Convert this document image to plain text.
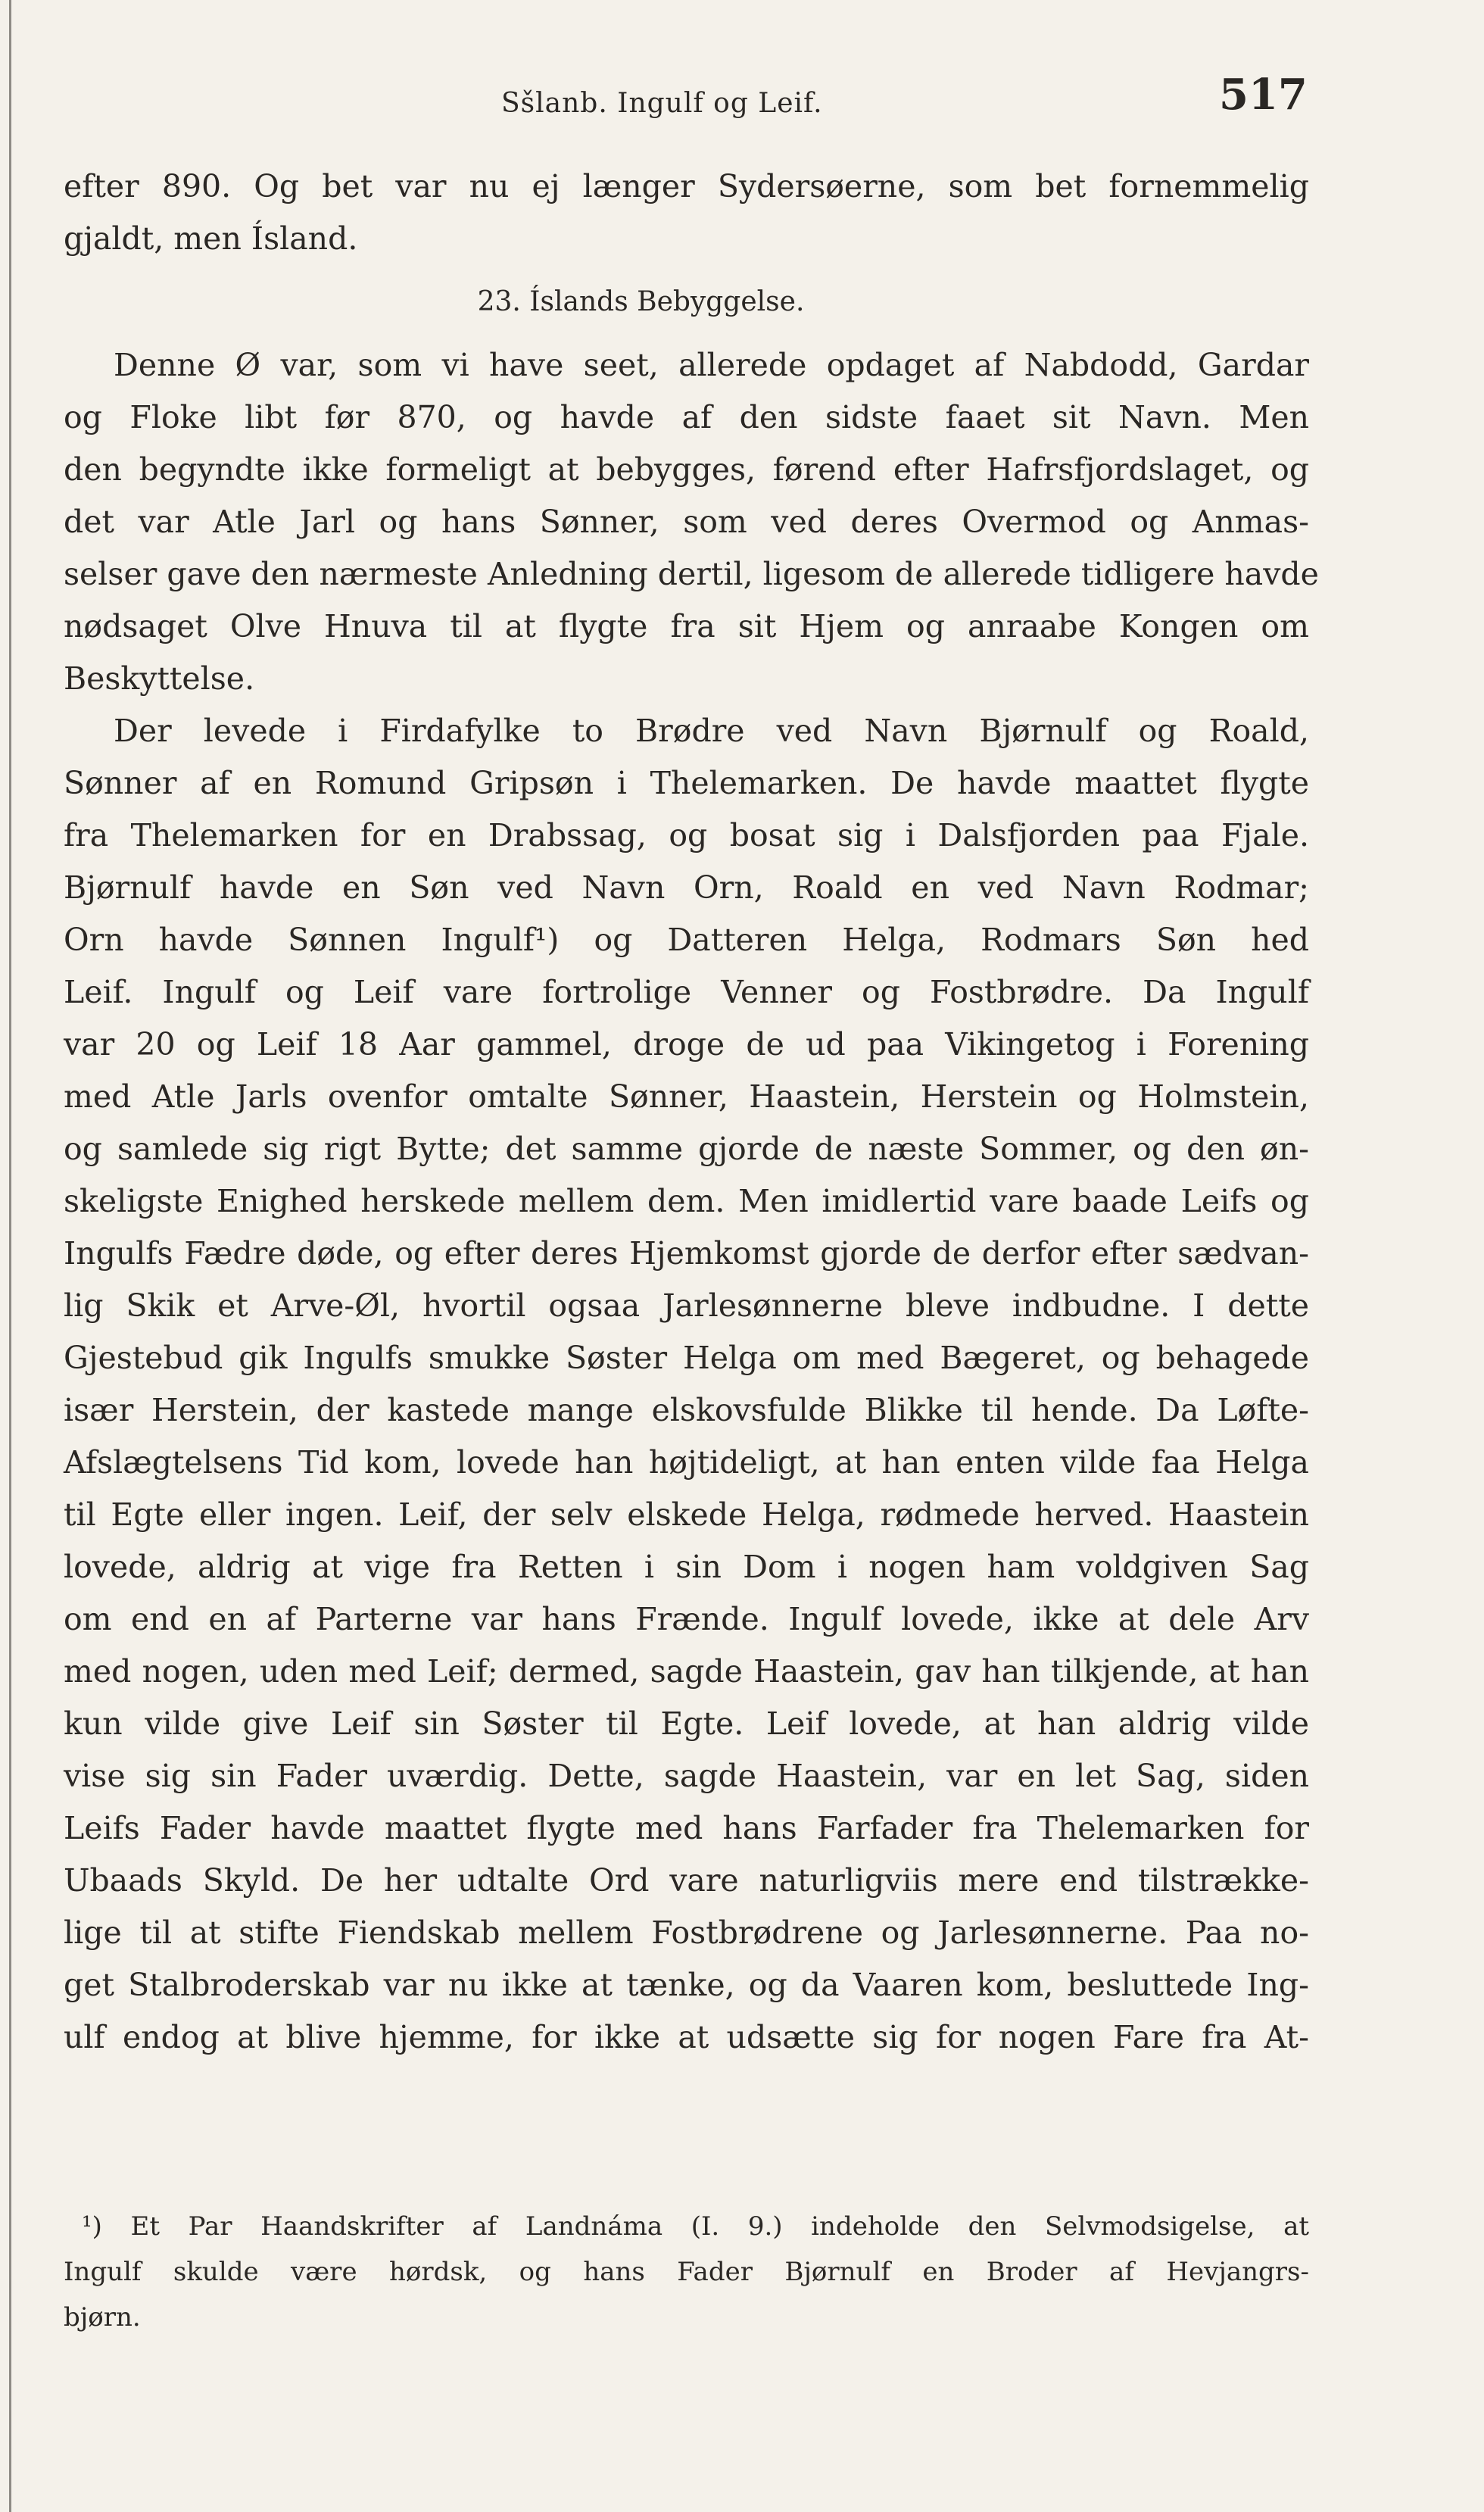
Sšlanb. Ingulf og Leif.	517
efter 890. Og bet var nu ej længer Sydersøerne, som bet fornemmelig
gjaldt, men Ísland.
23. Íslands Bebyggelse.
Denne Ø var, som vi have seet, allerede opdaget af Nabdodd, Gardar
og Floke libt før 870, og havde af den sidste faaet sit Navn. Men
den begyndte ikke formeligt at bebygges, førend efter Hafrsfjordslaget, og
det var Atle Jarl og hans Sønner, som ved deres Overmod og Anmas-
selser gave den nærmeste Anledning dertil, ligesom de allerede tidligere havde
nødsaget Olve Hnuva til at flygte fra sit Hjem og anraabe Kongen om
Beskyttelse.
Der levede i Firdafylke to Brødre ved Navn Bjørnulf og Roald,
Sønner af en Romund Gripsøn i Thelemarken. De havde maattet flygte
fra Thelemarken for en Drabssag, og bosat sig i Dalsfjorden paa Fjale.
Bjørnulf havde en Søn ved Navn Orn, Roald en ved Navn Rodmar;
Orn havde Sønnen Ingulf¹) og Datteren Helga, Rodmars Søn hed
Leif. Ingulf og Leif vare fortrolige Venner og Fostbrødre. Da Ingulf
var 20 og Leif 18 Aar gammel, droge de ud paa Vikingetog i Forening
med Atle Jarls ovenfor omtalte Sønner, Haastein, Herstein og Holmstein,
og samlede sig rigt Bytte; det samme gjorde de næste Sommer, og den øn-
skeligste Enighed herskede mellem dem. Men imidlertid vare baade Leifs og
Ingulfs Fædre døde, og efter deres Hjemkomst gjorde de derfor efter sædvan-
lig Skik et Arve-Øl, hvortil ogsaa Jarlesønnerne bleve indbudne. I dette
Gjestebud gik Ingulfs smukke Søster Helga om med Bægeret, og behagede
især Herstein, der kastede mange elskovsfulde Blikke til hende. Da Løfte-
Afslægtelsens Tid kom, lovede han højtideligt, at han enten vilde faa Helga
til Egte eller ingen. Leif, der selv elskede Helga, rødmede herved. Haastein
lovede, aldrig at vige fra Retten i sin Dom i nogen ham voldgiven Sag
om end en af Parterne var hans Frænde. Ingulf lovede, ikke at dele Arv
med nogen, uden med Leif; dermed, sagde Haastein, gav han tilkjende, at han
kun vilde give Leif sin Søster til Egte. Leif lovede, at han aldrig vilde
vise sig sin Fader uværdig. Dette, sagde Haastein, var en let Sag, siden
Leifs Fader havde maattet flygte med hans Farfader fra Thelemarken for
Ubaads Skyld. De her udtalte Ord vare naturligviis mere end tilstrække-
lige til at stifte Fiendskab mellem Fostbrødrene og Jarlesønnerne. Paa no-
get Stalbroderskab var nu ikke at tænke, og da Vaaren kom, besluttede Ing-
ulf endog at blive hjemme, for ikke at udsætte sig for nogen Fare fra At-
¹) Et Par Haandskrifter af Landnáma (I. 9.) indeholde den Selvmodsigelse, at
Ingulf skulde være hørdsk, og hans Fader Bjørnulf en Broder af Hevjangrs-
bjørn.
